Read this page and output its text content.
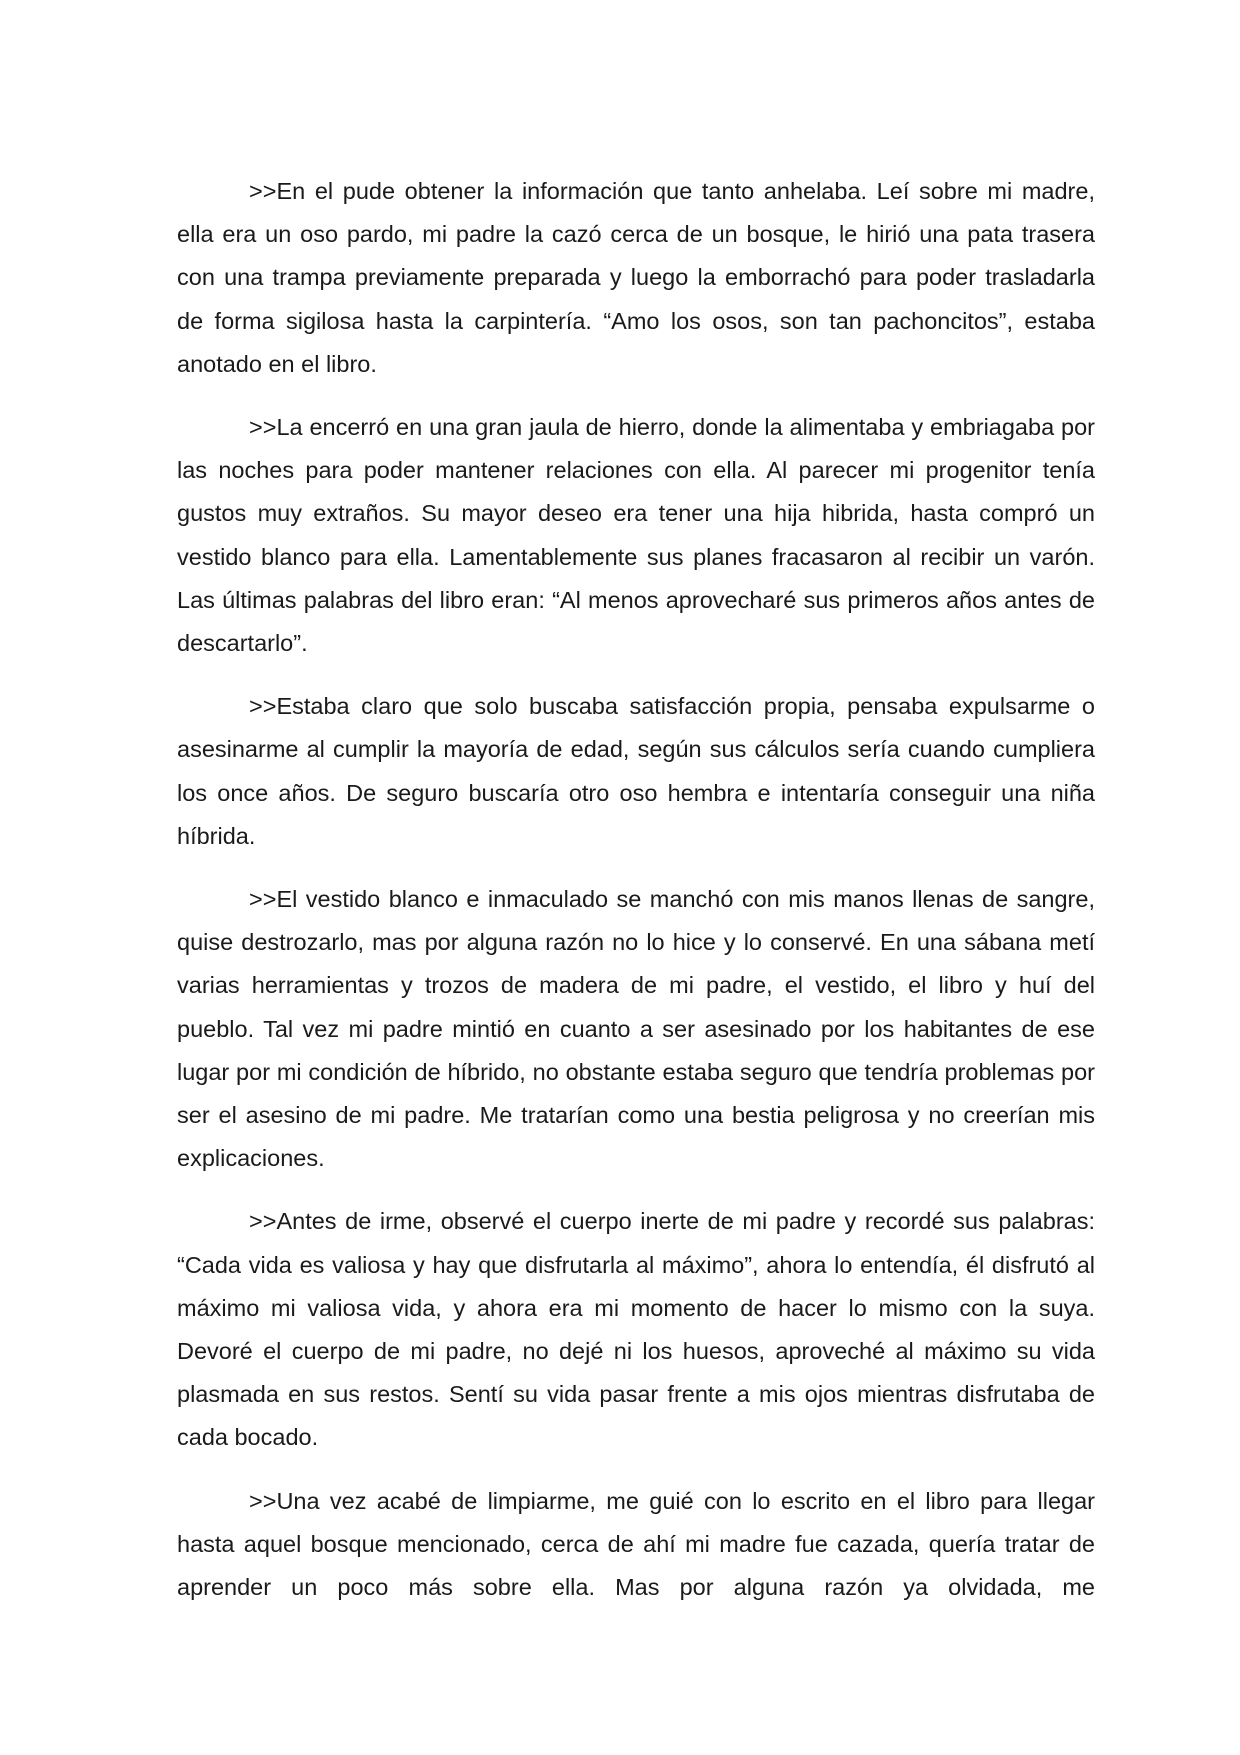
>>En el pude obtener la información que tanto anhelaba. Leí sobre mi madre, ella era un oso pardo, mi padre la cazó cerca de un bosque, le hirió una pata trasera con una trampa previamente preparada y luego la emborrachó para poder trasladarla de forma sigilosa hasta la carpintería. “Amo los osos, son tan pachoncitos”, estaba anotado en el libro.

>>La encerró en una gran jaula de hierro, donde la alimentaba y embriagaba por las noches para poder mantener relaciones con ella. Al parecer mi progenitor tenía gustos muy extraños. Su mayor deseo era tener una hija hibrida, hasta compró un vestido blanco para ella. Lamentablemente sus planes fracasaron al recibir un varón. Las últimas palabras del libro eran: “Al menos aprovecharé sus primeros años antes de descartarlo”.

>>Estaba claro que solo buscaba satisfacción propia, pensaba expulsarme o asesinarme al cumplir la mayoría de edad, según sus cálculos sería cuando cumpliera los once años. De seguro buscaría otro oso hembra e intentaría conseguir una niña híbrida.

>>El vestido blanco e inmaculado se manchó con mis manos llenas de sangre, quise destrozarlo, mas por alguna razón no lo hice y lo conservé. En una sábana metí varias herramientas y trozos de madera de mi padre, el vestido, el libro y huí del pueblo. Tal vez mi padre mintió en cuanto a ser asesinado por los habitantes de ese lugar por mi condición de híbrido, no obstante estaba seguro que tendría problemas por ser el asesino de mi padre. Me tratarían como una bestia peligrosa y no creerían mis explicaciones.

>>Antes de irme, observé el cuerpo inerte de mi padre y recordé sus palabras: “Cada vida es valiosa y hay que disfrutarla al máximo”, ahora lo entendía, él disfrutó al máximo mi valiosa vida, y ahora era mi momento de hacer lo mismo con la suya. Devoré el cuerpo de mi padre, no dejé ni los huesos, aproveché al máximo su vida plasmada en sus restos. Sentí su vida pasar frente a mis ojos mientras disfrutaba de cada bocado.

>>Una vez acabé de limpiarme, me guié con lo escrito en el libro para llegar hasta aquel bosque mencionado, cerca de ahí mi madre fue cazada, quería tratar de aprender un poco más sobre ella. Mas por alguna razón ya olvidada, me
